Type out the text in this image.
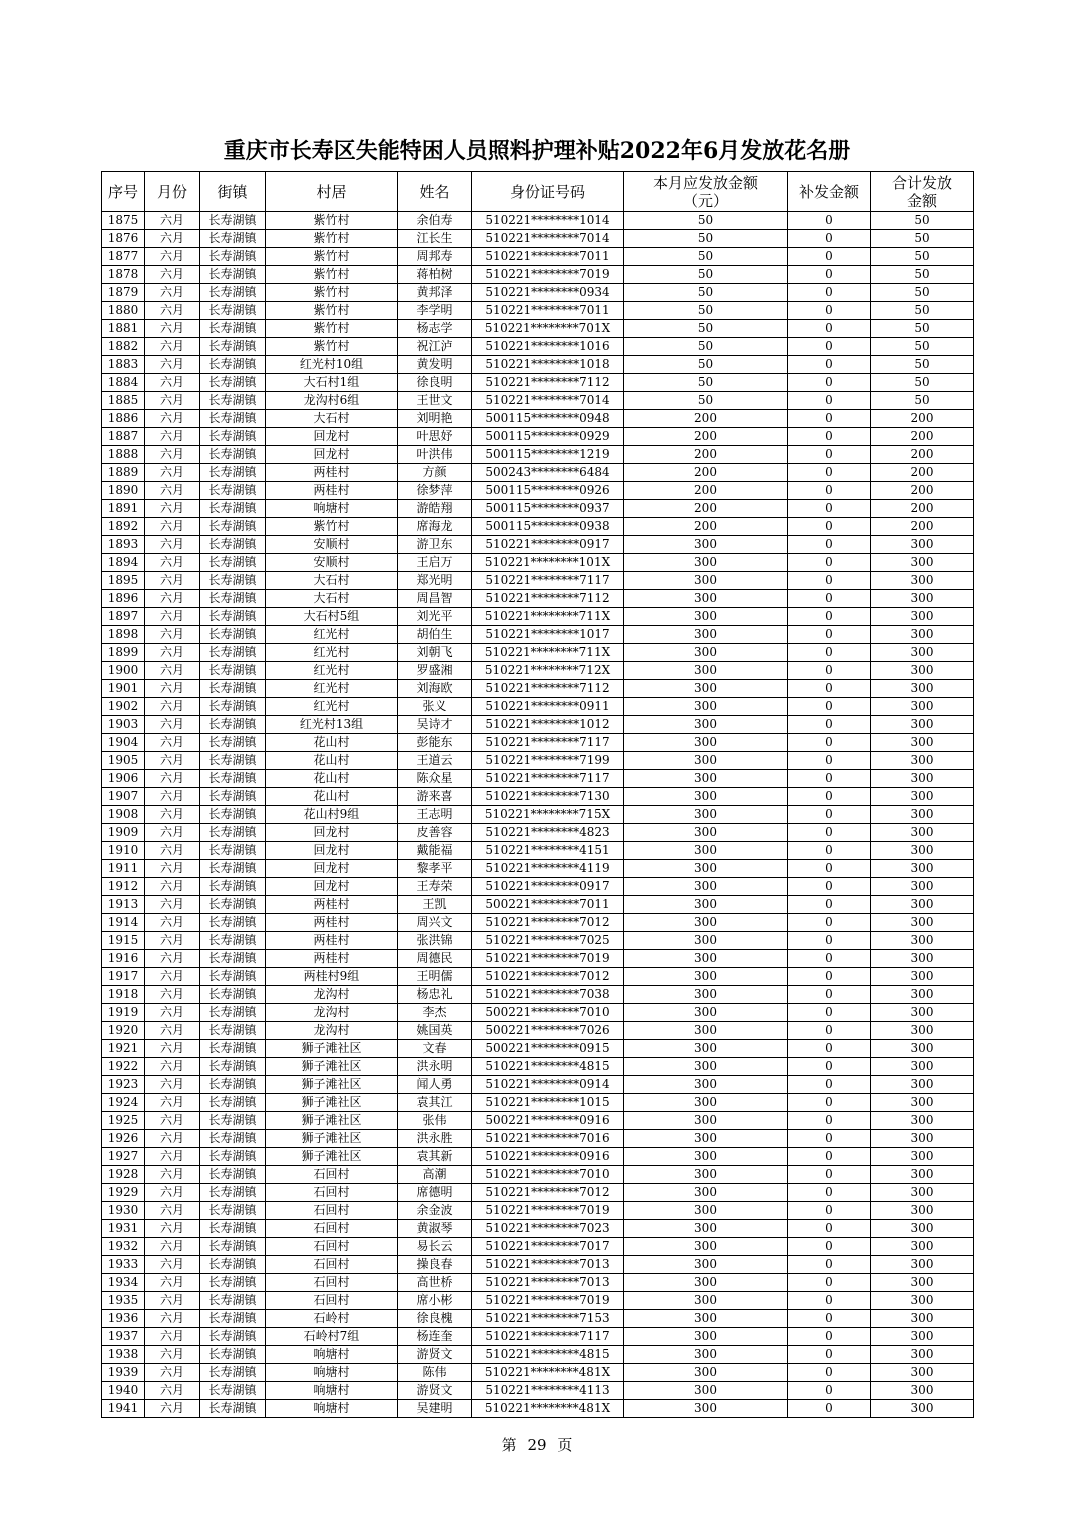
重庆市长寿区失能特困人员照料护理补贴2022年6月发放花名册
序号	月份	街镇	村居	姓名	身份证号码	本月应发放金额（元）	补发金额	合计发放金额
1875	六月	长寿湖镇	紫竹村	余伯寿	510221********1014	50	0	50
1876	六月	长寿湖镇	紫竹村	江长生	510221********7014	50	0	50
1877	六月	长寿湖镇	紫竹村	周邦寿	510221********7011	50	0	50
1878	六月	长寿湖镇	紫竹村	蒋柏树	510221********7019	50	0	50
1879	六月	长寿湖镇	紫竹村	黄邦泽	510221********0934	50	0	50
1880	六月	长寿湖镇	紫竹村	李学明	510221********7011	50	0	50
1881	六月	长寿湖镇	紫竹村	杨志学	510221********701X	50	0	50
1882	六月	长寿湖镇	紫竹村	祝江泸	510221********1016	50	0	50
1883	六月	长寿湖镇	红光村10组	黄发明	510221********1018	50	0	50
1884	六月	长寿湖镇	大石村1组	徐良明	510221********7112	50	0	50
1885	六月	长寿湖镇	龙沟村6组	王世文	510221********7014	50	0	50
1886	六月	长寿湖镇	大石村	刘明艳	500115********0948	200	0	200
1887	六月	长寿湖镇	回龙村	叶思妤	500115********0929	200	0	200
1888	六月	长寿湖镇	回龙村	叶洪伟	500115********1219	200	0	200
1889	六月	长寿湖镇	两桂村	方颜	500243********6484	200	0	200
1890	六月	长寿湖镇	两桂村	徐梦萍	500115********0926	200	0	200
1891	六月	长寿湖镇	响塘村	游皓翔	500115********0937	200	0	200
1892	六月	长寿湖镇	紫竹村	席海龙	500115********0938	200	0	200
1893	六月	长寿湖镇	安顺村	游卫东	510221********0917	300	0	300
1894	六月	长寿湖镇	安顺村	王启万	510221********101X	300	0	300
1895	六月	长寿湖镇	大石村	郑光明	510221********7117	300	0	300
1896	六月	长寿湖镇	大石村	周昌智	510221********7112	300	0	300
1897	六月	长寿湖镇	大石村5组	刘光平	510221********711X	300	0	300
1898	六月	长寿湖镇	红光村	胡伯生	510221********1017	300	0	300
1899	六月	长寿湖镇	红光村	刘朝飞	510221********711X	300	0	300
1900	六月	长寿湖镇	红光村	罗盛湘	510221********712X	300	0	300
1901	六月	长寿湖镇	红光村	刘海欧	510221********7112	300	0	300
1902	六月	长寿湖镇	红光村	张义	510221********0911	300	0	300
1903	六月	长寿湖镇	红光村13组	吴诗才	510221********1012	300	0	300
1904	六月	长寿湖镇	花山村	彭能东	510221********7117	300	0	300
1905	六月	长寿湖镇	花山村	王道云	510221********7199	300	0	300
1906	六月	长寿湖镇	花山村	陈众星	510221********7117	300	0	300
1907	六月	长寿湖镇	花山村	游来喜	510221********7130	300	0	300
1908	六月	长寿湖镇	花山村9组	王志明	510221********715X	300	0	300
1909	六月	长寿湖镇	回龙村	皮善容	510221********4823	300	0	300
1910	六月	长寿湖镇	回龙村	戴能福	510221********4151	300	0	300
1911	六月	长寿湖镇	回龙村	黎孝平	510221********4119	300	0	300
1912	六月	长寿湖镇	回龙村	王寿荣	510221********0917	300	0	300
1913	六月	长寿湖镇	两桂村	王凯	500221********7011	300	0	300
1914	六月	长寿湖镇	两桂村	周兴文	510221********7012	300	0	300
1915	六月	长寿湖镇	两桂村	张洪锦	510221********7025	300	0	300
1916	六月	长寿湖镇	两桂村	周德民	510221********7019	300	0	300
1917	六月	长寿湖镇	两桂村9组	王明儒	510221********7012	300	0	300
1918	六月	长寿湖镇	龙沟村	杨忠礼	510221********7038	300	0	300
1919	六月	长寿湖镇	龙沟村	李杰	500221********7010	300	0	300
1920	六月	长寿湖镇	龙沟村	姚国英	500221********7026	300	0	300
1921	六月	长寿湖镇	狮子滩社区	文春	500221********0915	300	0	300
1922	六月	长寿湖镇	狮子滩社区	洪永明	510221********4815	300	0	300
1923	六月	长寿湖镇	狮子滩社区	闻人勇	510221********0914	300	0	300
1924	六月	长寿湖镇	狮子滩社区	袁其江	510221********1015	300	0	300
1925	六月	长寿湖镇	狮子滩社区	张伟	500221********0916	300	0	300
1926	六月	长寿湖镇	狮子滩社区	洪永胜	510221********7016	300	0	300
1927	六月	长寿湖镇	狮子滩社区	袁其新	510221********0916	300	0	300
1928	六月	长寿湖镇	石回村	高潮	510221********7010	300	0	300
1929	六月	长寿湖镇	石回村	席德明	510221********7012	300	0	300
1930	六月	长寿湖镇	石回村	余金波	510221********7019	300	0	300
1931	六月	长寿湖镇	石回村	黄淑琴	510221********7023	300	0	300
1932	六月	长寿湖镇	石回村	易长云	510221********7017	300	0	300
1933	六月	长寿湖镇	石回村	操良春	510221********7013	300	0	300
1934	六月	长寿湖镇	石回村	高世桥	510221********7013	300	0	300
1935	六月	长寿湖镇	石回村	席小彬	510221********7019	300	0	300
1936	六月	长寿湖镇	石岭村	徐良槐	510221********7153	300	0	300
1937	六月	长寿湖镇	石岭村7组	杨连奎	510221********7117	300	0	300
1938	六月	长寿湖镇	响塘村	游贤文	510221********4815	300	0	300
1939	六月	长寿湖镇	响塘村	陈伟	510221********481X	300	0	300
1940	六月	长寿湖镇	响塘村	游贤文	510221********4113	300	0	300
1941	六月	长寿湖镇	响塘村	吴建明	510221********481X	300	0	300
第 29 页
